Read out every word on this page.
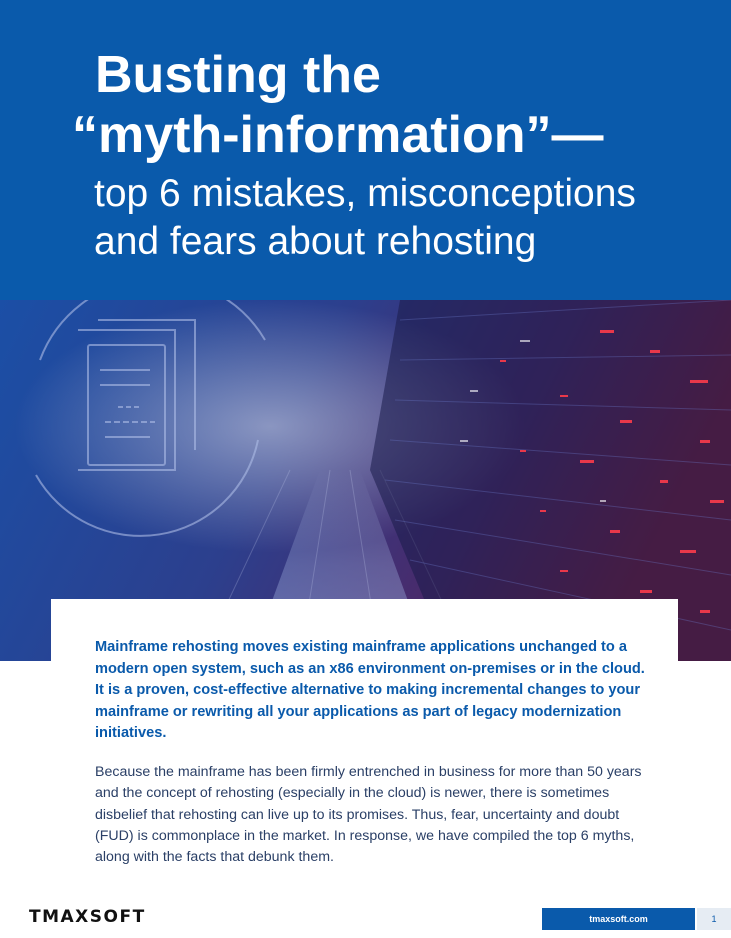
Busting the
“myth-information”—
top 6 mistakes, misconceptions
and fears about rehosting
Mainframe rehosting moves existing mainframe applications unchanged to a modern open system, such as an x86 environment on-premises or in the cloud. It is a proven, cost-effective alternative to making incremental changes to your mainframe or rewriting all your applications as part of legacy modernization initiatives.
Because the mainframe has been firmly entrenched in business for more than 50 years and the concept of rehosting (especially in the cloud) is newer, there is sometimes disbelief that rehosting can live up to its promises. Thus, fear, uncertainty and doubt (FUD) is commonplace in the market. In response, we have compiled the top 6 myths, along with the facts that debunk them.
TMAXSOFT	tmaxsoft.com	1
